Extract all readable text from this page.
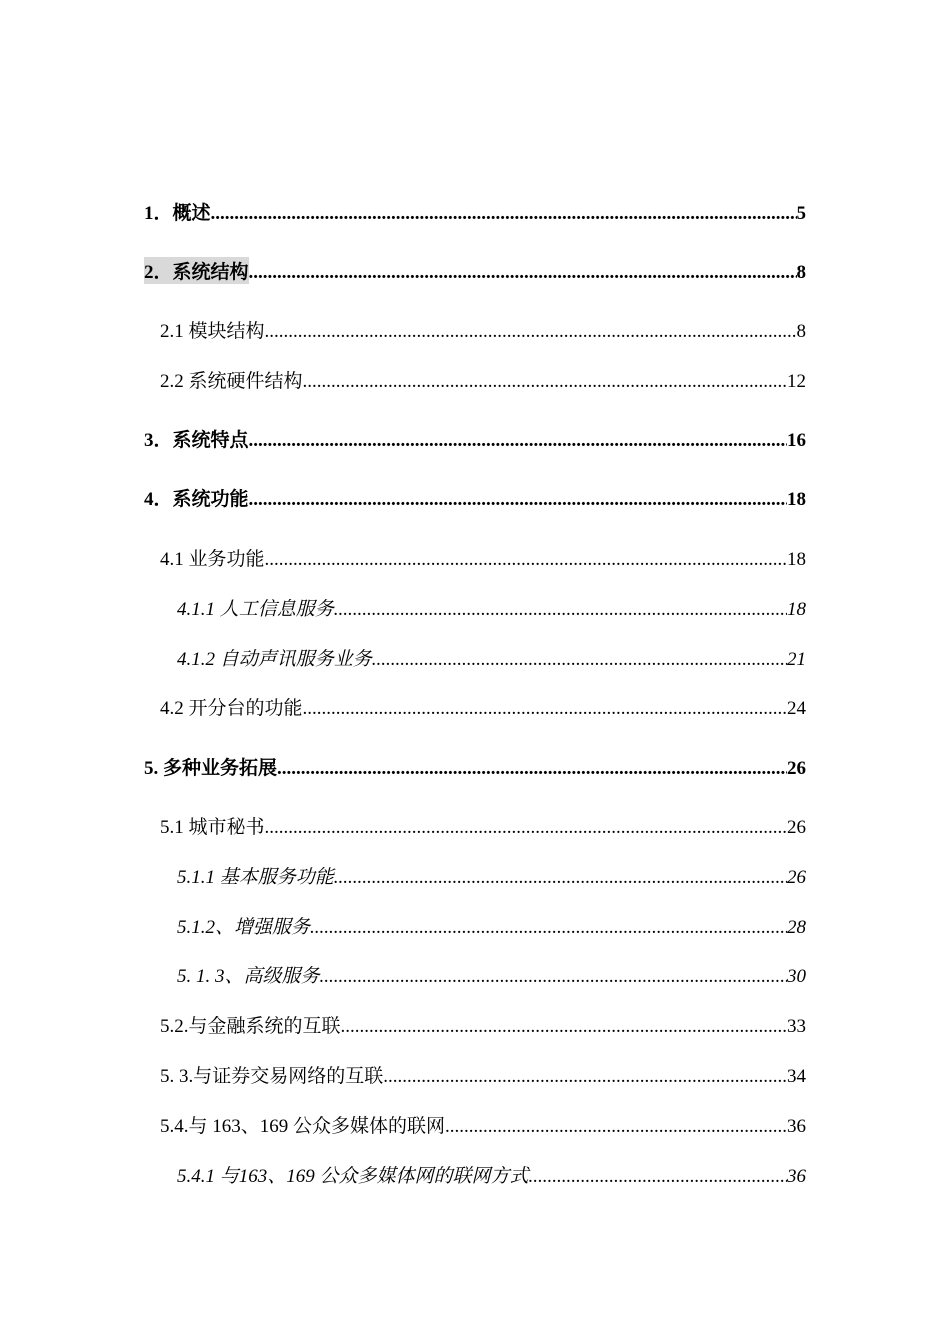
1．概述 .....	5
2．系统结构 .....	8
2.1 模块结构 .....	8
2.2 系统硬件结构 .....	12
3．系统特点 .....	16
4．系统功能 .....	18
4.1 业务功能 .....	18
4.1.1 人工信息服务 .....	18
4.1.2 自动声讯服务业务 .....	21
4.2 开分台的功能 .....	24
5. 多种业务拓展 .....	26
5.1 城市秘书 .....	26
5.1.1 基本服务功能 .....	26
5.1.2、增强服务 .....	28
5. 1. 3、高级服务 .....	30
5.2.与金融系统的互联 .....	33
5. 3.与证券交易网络的互联 .....	34
5.4.与 163、169 公众多媒体的联网 .....	36
5.4.1 与163、169 公众多媒体网的联网方式 .....	36
